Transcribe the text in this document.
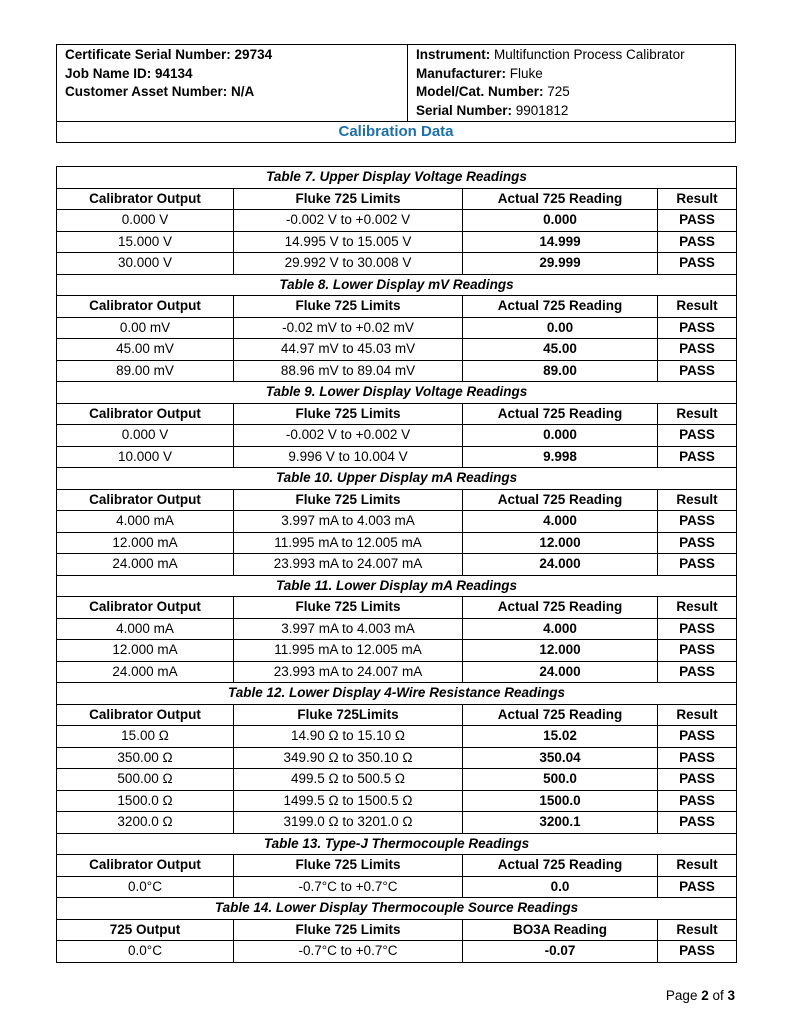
Certificate Serial Number: 29734
Job Name ID: 94134
Customer Asset Number: N/A

Instrument: Multifunction Process Calibrator
Manufacturer: Fluke
Model/Cat. Number: 725
Serial Number: 9901812
Calibration Data
Table 7. Upper Display Voltage Readings			
Calibrator Output	Fluke 725 Limits	Actual 725 Reading	Result
0.000 V	-0.002 V to +0.002 V	0.000	PASS
15.000 V	14.995 V to 15.005 V	14.999	PASS
30.000 V	29.992 V to 30.008 V	29.999	PASS
Table 8. Lower Display mV Readings			
Calibrator Output	Fluke 725 Limits	Actual 725 Reading	Result
0.00 mV	-0.02 mV to +0.02 mV	0.00	PASS
45.00 mV	44.97 mV to 45.03 mV	45.00	PASS
89.00 mV	88.96 mV to 89.04 mV	89.00	PASS
Table 9. Lower Display Voltage Readings			
Calibrator Output	Fluke 725 Limits	Actual 725 Reading	Result
0.000 V	-0.002 V to +0.002 V	0.000	PASS
10.000 V	9.996 V to 10.004 V	9.998	PASS
Table 10. Upper Display mA Readings			
Calibrator Output	Fluke 725 Limits	Actual 725 Reading	Result
4.000 mA	3.997 mA to 4.003 mA	4.000	PASS
12.000 mA	11.995 mA to 12.005 mA	12.000	PASS
24.000 mA	23.993 mA to 24.007 mA	24.000	PASS
Table 11. Lower Display mA Readings			
Calibrator Output	Fluke 725 Limits	Actual 725 Reading	Result
4.000 mA	3.997 mA to 4.003 mA	4.000	PASS
12.000 mA	11.995 mA to 12.005 mA	12.000	PASS
24.000 mA	23.993 mA to 24.007 mA	24.000	PASS
Table 12. Lower Display 4-Wire Resistance Readings			
Calibrator Output	Fluke 725Limits	Actual 725 Reading	Result
15.00 Ω	14.90 Ω to 15.10 Ω	15.02	PASS
350.00 Ω	349.90 Ω to 350.10 Ω	350.04	PASS
500.00 Ω	499.5 Ω to 500.5 Ω	500.0	PASS
1500.0 Ω	1499.5 Ω to 1500.5 Ω	1500.0	PASS
3200.0 Ω	3199.0 Ω to 3201.0 Ω	3200.1	PASS
Table 13. Type-J Thermocouple Readings			
Calibrator Output	Fluke 725 Limits	Actual 725 Reading	Result
0.0°C	-0.7°C to +0.7°C	0.0	PASS
Table 14. Lower Display Thermocouple Source Readings			
725 Output	Fluke 725 Limits	BO3A Reading	Result
0.0°C	-0.7°C to +0.7°C	-0.07	PASS
Page 2 of 3
